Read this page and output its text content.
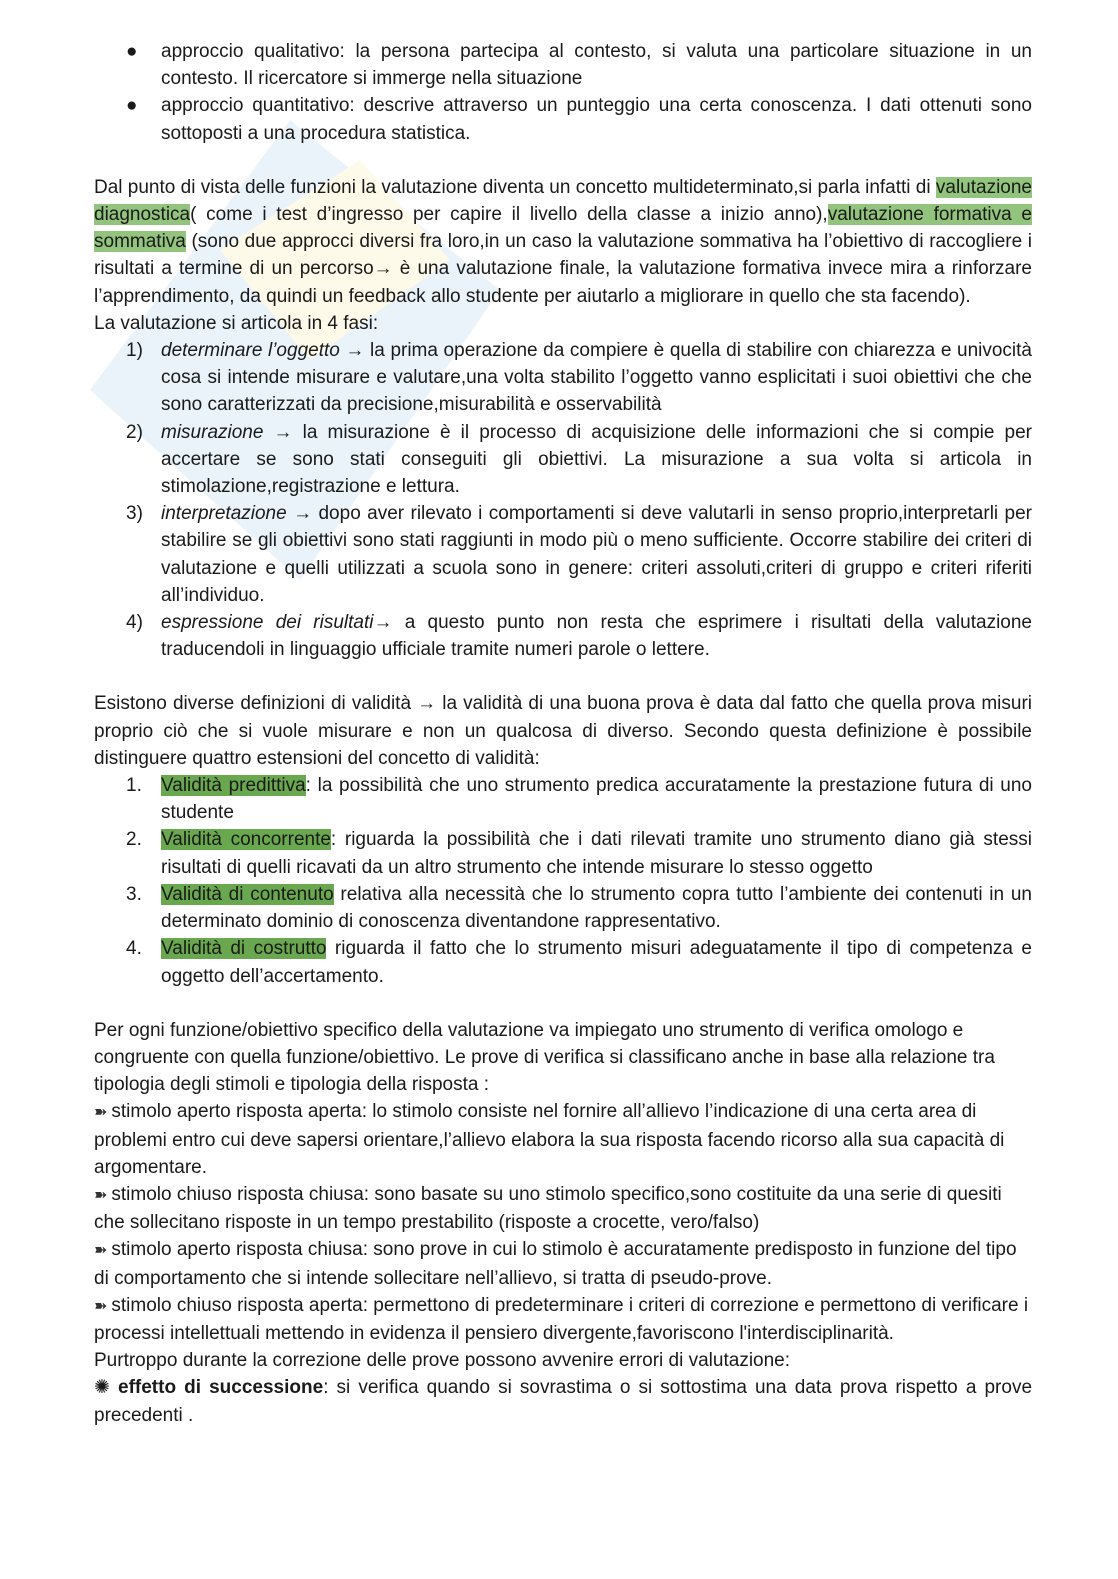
● approccio qualitativo: la persona partecipa al contesto, si valuta una particolare situazione in un contesto. Il ricercatore si immerge nella situazione
● approccio quantitativo: descrive attraverso un punteggio una certa conoscenza. I dati ottenuti sono sottoposti a una procedura statistica.

Dal punto di vista delle funzioni la valutazione diventa un concetto multideterminato,si parla infatti di valutazione diagnostica( come i test d’ingresso per capire il livello della classe a inizio anno),valutazione formativa e sommativa (sono due approcci diversi fra loro,in un caso la valutazione sommativa ha l’obiettivo di raccogliere i risultati a termine di un percorso→ è una valutazione finale, la valutazione formativa invece mira a rinforzare l’apprendimento, da quindi un feedback allo studente per aiutarlo a migliorare in quello che sta facendo).

La valutazione si articola in 4 fasi:

1) determinare l’oggetto → la prima operazione da compiere è quella di stabilire con chiarezza e univocità cosa si intende misurare e valutare,una volta stabilito l’oggetto vanno esplicitati i suoi obiettivi che che sono caratterizzati da precisione,misurabilità e osservabilità
2) misurazione → la misurazione è il processo di acquisizione delle informazioni che si compie per accertare se sono stati conseguiti gli obiettivi. La misurazione a sua volta si articola in stimolazione,registrazione e lettura.
3) interpretazione → dopo aver rilevato i comportamenti si deve valutarli in senso proprio,interpretarli per stabilire se gli obiettivi sono stati raggiunti in modo più o meno sufficiente. Occorre stabilire dei criteri di valutazione e quelli utilizzati a scuola sono in genere: criteri assoluti,criteri di gruppo e criteri riferiti all’individuo.
4) espressione dei risultati→ a questo punto non resta che esprimere i risultati della valutazione traducendoli in linguaggio ufficiale tramite numeri parole o lettere.

Esistono diverse definizioni di validità → la validità di una buona prova è data dal fatto che quella prova misuri proprio ciò che si vuole misurare e non un qualcosa di diverso. Secondo questa definizione è possibile distinguere quattro estensioni del concetto di validità:

1. Validità predittiva: la possibilità che uno strumento predica accuratamente la prestazione futura di uno studente
2. Validità concorrente: riguarda la possibilità che i dati rilevati tramite uno strumento diano già stessi risultati di quelli ricavati da un altro strumento che intende misurare lo stesso oggetto
3. Validità di contenuto relativa alla necessità che lo strumento copra tutto l’ambiente dei contenuti in un determinato dominio di conoscenza diventandone rappresentativo.
4. Validità di costrutto riguarda il fatto che lo strumento misuri adeguatamente il tipo di competenza e oggetto dell’accertamento.

Per ogni funzione/obiettivo specifico della valutazione va impiegato uno strumento di verifica omologo e congruente con quella funzione/obiettivo. Le prove di verifica si classificano anche in base alla relazione tra tipologia degli stimoli e tipologia della risposta :

➽ stimolo aperto risposta aperta: lo stimolo consiste nel fornire all’allievo l’indicazione di una certa area di problemi entro cui deve sapersi orientare,l’allievo elabora la sua risposta facendo ricorso alla sua capacità di argomentare.

➽ stimolo chiuso risposta chiusa: sono basate su uno stimolo specifico,sono costituite da una serie di quesiti che sollecitano risposte in un tempo prestabilito (risposte a crocette, vero/falso)

➽ stimolo aperto risposta chiusa: sono prove in cui lo stimolo è accuratamente predisposto in funzione del tipo di comportamento che si intende sollecitare nell’allievo, si tratta di pseudo-prove.

➽ stimolo chiuso risposta aperta: permettono di predeterminare i criteri di correzione e permettono di verificare i processi intellettuali mettendo in evidenza il pensiero divergente,favoriscono l'interdisciplinarità.

Purtroppo durante la correzione delle prove possono avvenire errori di valutazione:

✺ effetto di successione: si verifica quando si sovrastima o si sottostima una data prova rispetto a prove precedenti .
